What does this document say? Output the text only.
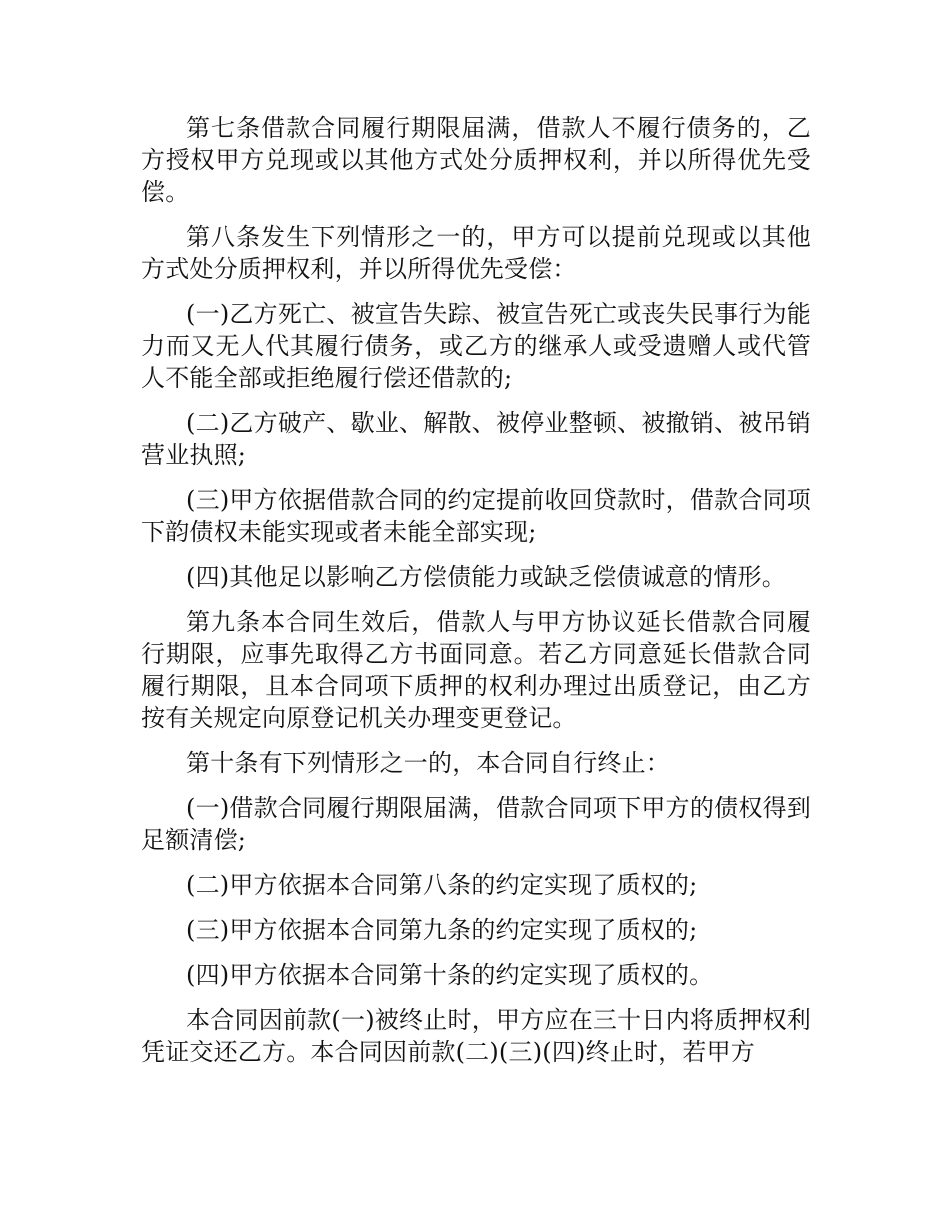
第七条借款合同履行期限届满，借款人不履行债务的，乙方授权甲方兑现或以其他方式处分质押权利，并以所得优先受偿。

第八条发生下列情形之一的，甲方可以提前兑现或以其他方式处分质押权利，并以所得优先受偿：

(一)乙方死亡、被宣告失踪、被宣告死亡或丧失民事行为能力而又无人代其履行债务，或乙方的继承人或受遗赠人或代管人不能全部或拒绝履行偿还借款的;

(二)乙方破产、歇业、解散、被停业整顿、被撤销、被吊销营业执照;

(三)甲方依据借款合同的约定提前收回贷款时，借款合同项下韵债权未能实现或者未能全部实现;

(四)其他足以影响乙方偿债能力或缺乏偿债诚意的情形。

第九条本合同生效后，借款人与甲方协议延长借款合同履行期限，应事先取得乙方书面同意。若乙方同意延长借款合同履行期限，且本合同项下质押的权利办理过出质登记，由乙方按有关规定向原登记机关办理变更登记。

第十条有下列情形之一的，本合同自行终止：

(一)借款合同履行期限届满，借款合同项下甲方的债权得到足额清偿;

(二)甲方依据本合同第八条的约定实现了质权的;

(三)甲方依据本合同第九条的约定实现了质权的;

(四)甲方依据本合同第十条的约定实现了质权的。

本合同因前款(一)被终止时，甲方应在三十日内将质押权利凭证交还乙方。本合同因前款(二)(三)(四)终止时，若甲方
